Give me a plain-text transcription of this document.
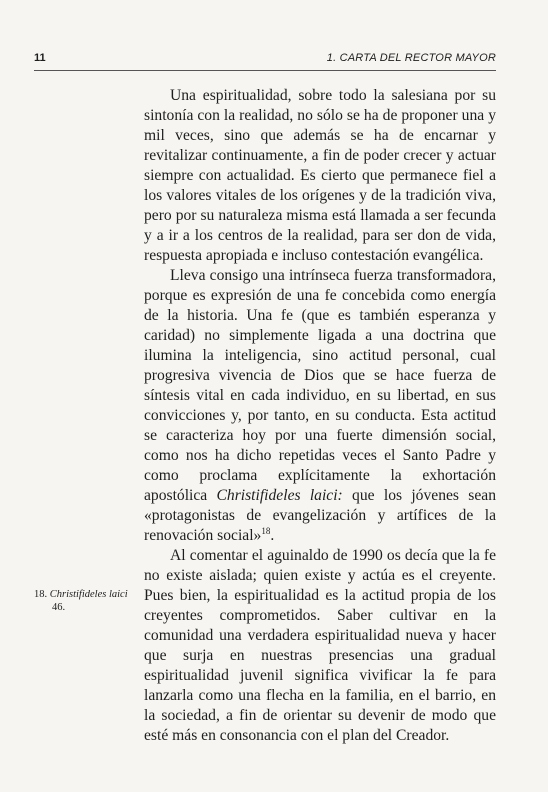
11	1. CARTA DEL RECTOR MAYOR

Una espiritualidad, sobre todo la salesiana por su sintonía con la realidad, no sólo se ha de proponer una y mil veces, sino que además se ha de encarnar y revitalizar continuamente, a fin de poder crecer y actuar siempre con actualidad. Es cierto que permanece fiel a los valores vitales de los orígenes y de la tradición viva, pero por su naturaleza misma está llamada a ser fecunda y a ir a los centros de la realidad, para ser don de vida, respuesta apropiada e incluso contestación evangélica.

Lleva consigo una intrínseca fuerza transformadora, porque es expresión de una fe concebida como energía de la historia. Una fe (que es también esperanza y caridad) no simplemente ligada a una doctrina que ilumina la inteligencia, sino actitud personal, cual progresiva vivencia de Dios que se hace fuerza de síntesis vital en cada individuo, en su libertad, en sus convicciones y, por tanto, en su conducta. Esta actitud se caracteriza hoy por una fuerte dimensión social, como nos ha dicho repetidas veces el Santo Padre y como proclama explícitamente la exhortación apostólica Christifideles laici: que los jóvenes sean «protagonistas de evangelización y artífices de la renovación social»$^{18}$.

Al comentar el aguinaldo de 1990 os decía que la fe no existe aislada; quien existe y actúa es el creyente. Pues bien, la espiritualidad es la actitud propia de los creyentes comprometidos. Saber cultivar en la comunidad una verdadera espiritualidad nueva y hacer que surja en nuestras presencias una gradual espiritualidad juvenil significa vivificar la fe para lanzarla como una flecha en la familia, en el barrio, en la sociedad, a fin de orientar su devenir de modo que esté más en consonancia con el plan del Creador.

18. Christifideles laici
46.
